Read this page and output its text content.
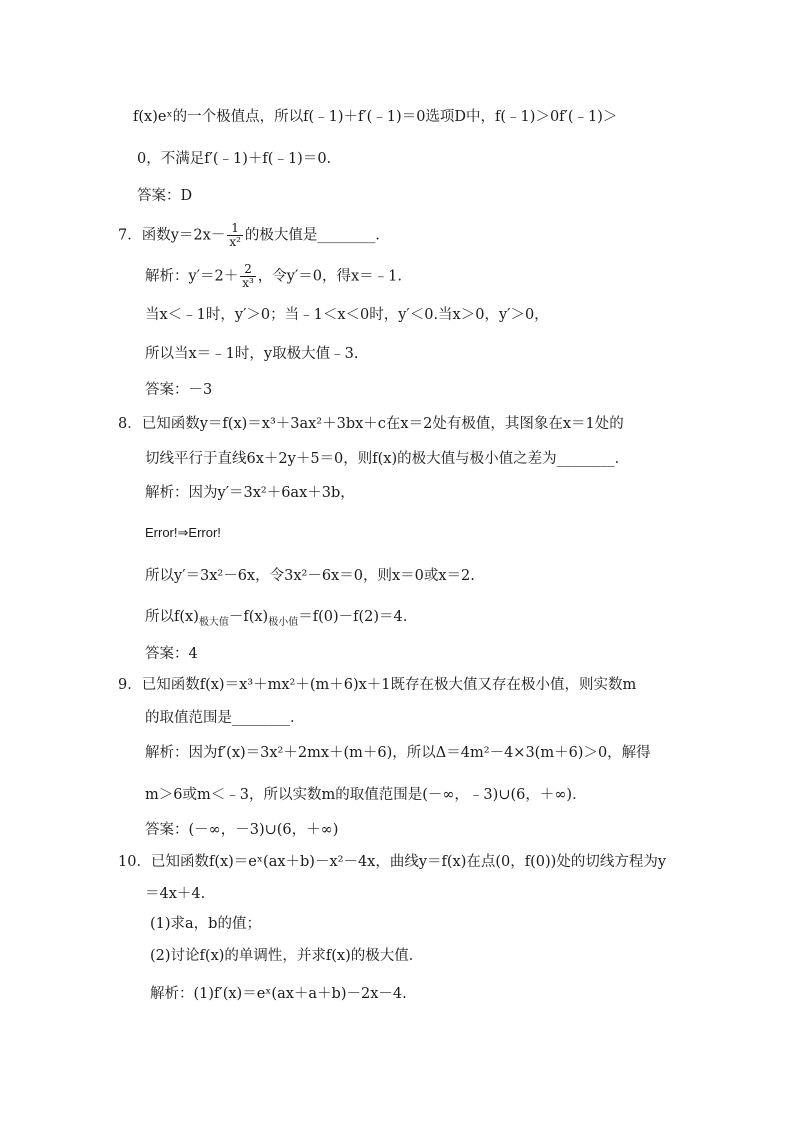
f(x)eˣ的一个极值点，所以f(﹣1)＋f′(﹣1)＝0选项D中，f(﹣1)＞0f′(﹣1)＞
0，不满足f′(﹣1)＋f(﹣1)＝0.
答案：D
7．函数$y=2x- \frac{1}{\text{x²}}$ 的极大值是________．
解析：$y'=2+ \frac{2}{\text{x³}}$ ，令y′＝0，得x＝﹣1.
当x＜﹣1时，y′＞0；当﹣1＜x＜0时，y′＜0.当x＞0，y′＞0，
所以当x＝﹣1时，y取极大值﹣3.
答案：－3
8．已知函数y＝f(x)＝x³＋3ax²＋3bx＋c在x＝2处有极值，其图象在x＝1处的
切线平行于直线6x＋2y＋5＝0，则f(x)的极大值与极小值之差为________．
解析：因为y′＝3x²＋6ax＋3b，
Error!⇒Error!
所以y′＝3x²－6x，令3x²－6x＝0，则x＝0或x＝2.
所以$f(x)_{极大值}-f(x)_{极小值}=f(0)-f(2)=4$.
答案：4
9．已知函数f(x)＝x³＋mx²＋(m＋6)x＋1既存在极大值又存在极小值，则实数m
的取值范围是________．
解析：因为f′(x)＝3x²＋2mx＋(m＋6)，所以Δ＝4m²－4×3(m＋6)＞0，解得
m＞6或m＜﹣3，所以实数m的取值范围是(－∞，﹣3)∪(6，＋∞)．
答案：(－∞，－3)∪(6，＋∞)
10．已知函数f(x)＝eˣ(ax＋b)－x²－4x，曲线y＝f(x)在点(0，f(0))处的切线方程为y
＝4x＋4.
(1)求a，b的值；
(2)讨论f(x)的单调性，并求f(x)的极大值．
解析：(1)f′(x)＝eˣ(ax＋a＋b)－2x－4.
